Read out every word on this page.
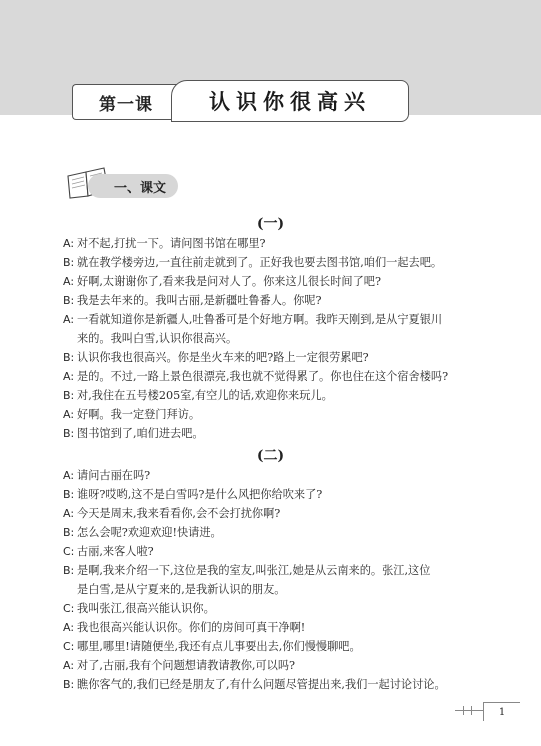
第一课	认识你很高兴
一、课文
(一)
A: 对不起,打扰一下。请问图书馆在哪里?
B: 就在教学楼旁边,一直往前走就到了。正好我也要去图书馆,咱们一起去吧。
A: 好啊,太谢谢你了,看来我是问对人了。你来这儿很长时间了吧?
B: 我是去年来的。我叫古丽,是新疆吐鲁番人。你呢?
A: 一看就知道你是新疆人,吐鲁番可是个好地方啊。我昨天刚到,是从宁夏银川
来的。我叫白雪,认识你很高兴。
B: 认识你我也很高兴。你是坐火车来的吧?路上一定很劳累吧?
A: 是的。不过,一路上景色很漂亮,我也就不觉得累了。你也住在这个宿舍楼吗?
B: 对,我住在五号楼205室,有空儿的话,欢迎你来玩儿。
A: 好啊。我一定登门拜访。
B: 图书馆到了,咱们进去吧。
(二)
A: 请问古丽在吗?
B: 谁呀?哎哟,这不是白雪吗?是什么风把你给吹来了?
A: 今天是周末,我来看看你,会不会打扰你啊?
B: 怎么会呢?欢迎欢迎!快请进。
C: 古丽,来客人啦?
B: 是啊,我来介绍一下,这位是我的室友,叫张江,她是从云南来的。张江,这位
是白雪,是从宁夏来的,是我新认识的朋友。
C: 我叫张江,很高兴能认识你。
A: 我也很高兴能认识你。你们的房间可真干净啊!
C: 哪里,哪里!请随便坐,我还有点儿事要出去,你们慢慢聊吧。
A: 对了,古丽,我有个问题想请教请教你,可以吗?
B: 瞧你客气的,我们已经是朋友了,有什么问题尽管提出来,我们一起讨论讨论。
1
